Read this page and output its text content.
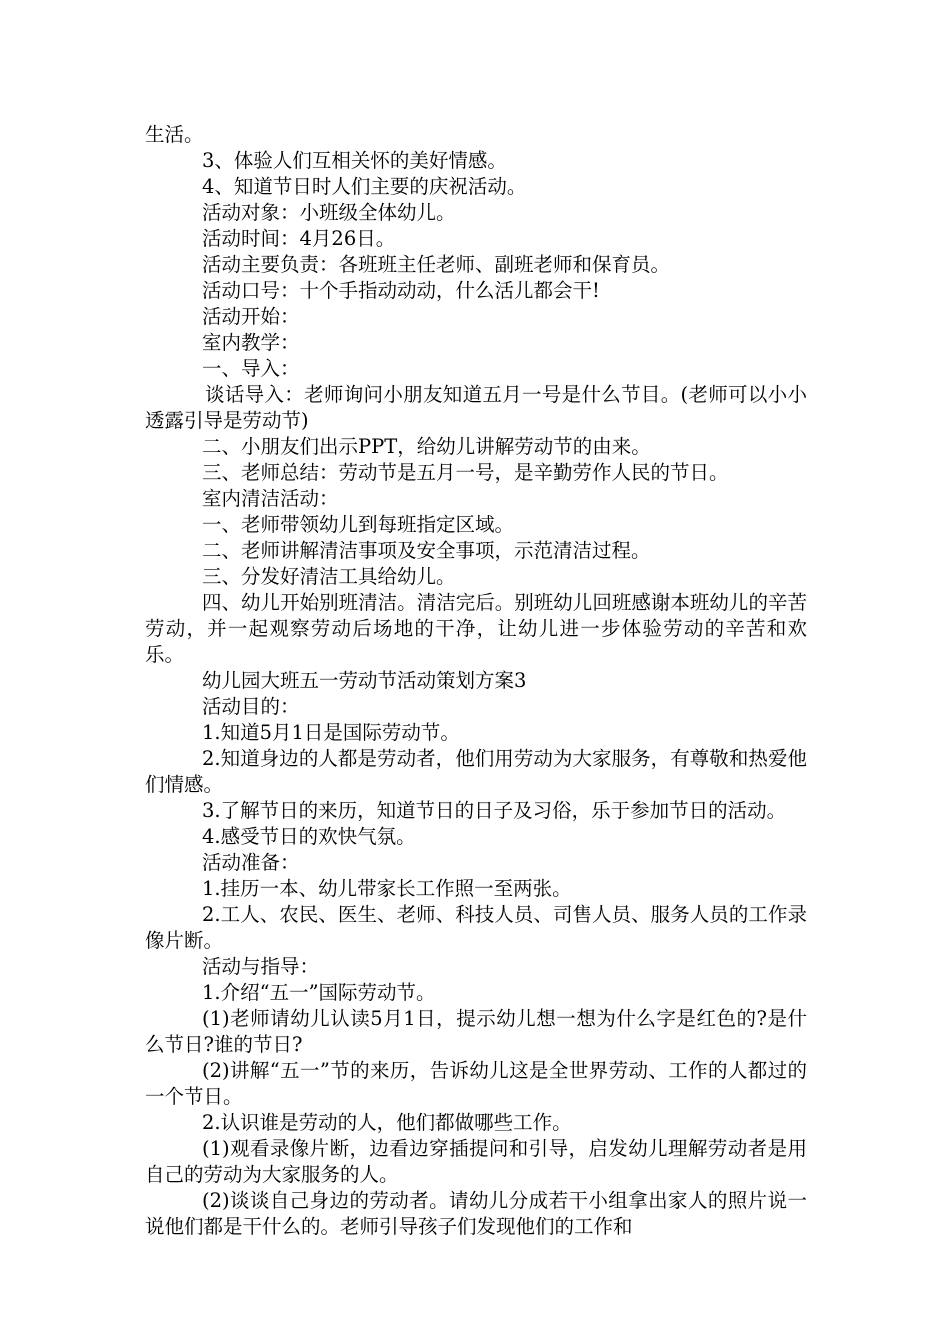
生活。

3、体验人们互相关怀的美好情感。

4、知道节日时人们主要的庆祝活动。

活动对象：小班级全体幼儿。

活动时间：4月26日。

活动主要负责：各班班主任老师、副班老师和保育员。

活动口号：十个手指动动动，什么活儿都会干!

活动开始：

室内教学：

一、导入：

谈话导入：老师询问小朋友知道五月一号是什么节目。(老师可以小小透露引导是劳动节)

二、小朋友们出示PPT，给幼儿讲解劳动节的由来。

三、老师总结：劳动节是五月一号，是辛勤劳作人民的节日。

室内清洁活动：

一、老师带领幼儿到每班指定区域。

二、老师讲解清洁事项及安全事项，示范清洁过程。

三、分发好清洁工具给幼儿。

四、幼儿开始别班清洁。清洁完后。别班幼儿回班感谢本班幼儿的辛苦劳动，并一起观察劳动后场地的干净，让幼儿进一步体验劳动的辛苦和欢乐。

幼儿园大班五一劳动节活动策划方案3

活动目的：

1.知道5月1日是国际劳动节。

2.知道身边的人都是劳动者，他们用劳动为大家服务，有尊敬和热爱他们情感。

3.了解节日的来历，知道节日的日子及习俗，乐于参加节日的活动。

4.感受节日的欢快气氛。

活动准备：

1.挂历一本、幼儿带家长工作照一至两张。

2.工人、农民、医生、老师、科技人员、司售人员、服务人员的工作录像片断。

活动与指导：

1.介绍“五一”国际劳动节。

(1)老师请幼儿认读5月1日，提示幼儿想一想为什么字是红色的?是什么节日?谁的节日?

(2)讲解“五一”节的来历，告诉幼儿这是全世界劳动、工作的人都过的一个节日。

2.认识谁是劳动的人，他们都做哪些工作。

(1)观看录像片断，边看边穿插提问和引导，启发幼儿理解劳动者是用自己的劳动为大家服务的人。

(2)谈谈自己身边的劳动者。请幼儿分成若干小组拿出家人的照片说一说他们都是干什么的。老师引导孩子们发现他们的工作和
